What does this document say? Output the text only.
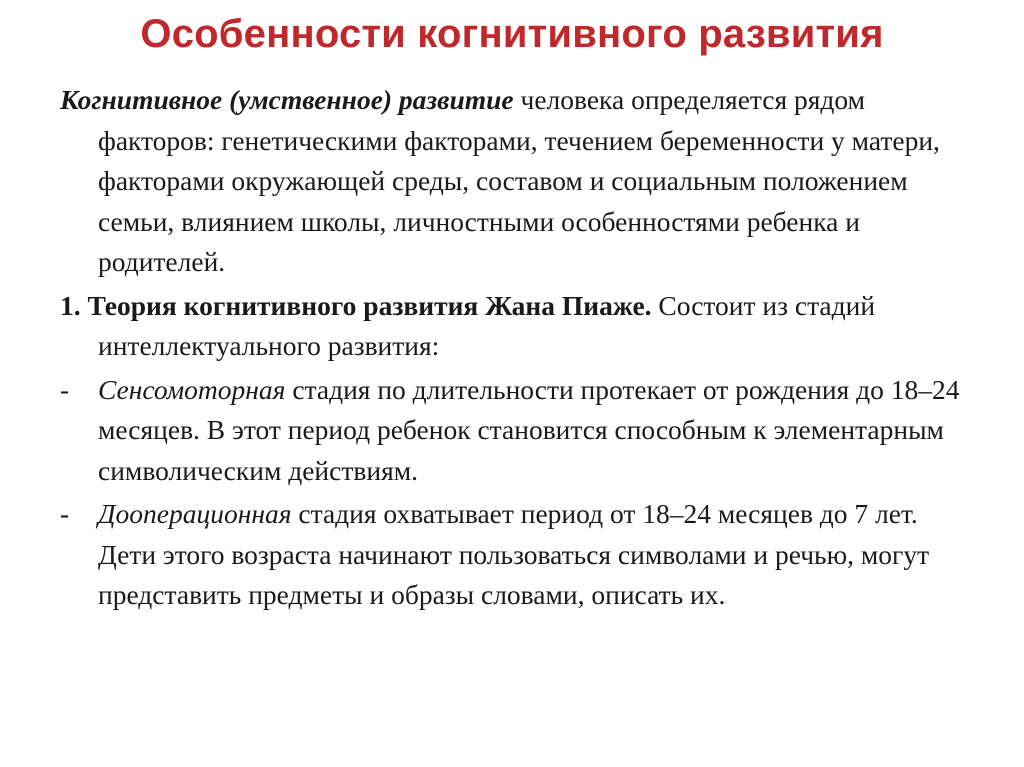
Особенности когнитивного развития

Когнитивное (умственное) развитие человека определяется рядом факторов: генетическими факторами, течением беременности у матери, факторами окружающей среды, составом и социальным положением семьи, влиянием школы, личностными особенностями ребенка и родителей.

1. Теория когнитивного развития Жана Пиаже. Состоит из стадий интеллектуального развития:

-	Сенсомоторная стадия по длительности протекает от рождения до 18–24 месяцев. В этот период ребенок становится способным к элементарным символическим действиям.

-	Дооперационная стадия охватывает период от 18–24 месяцев до 7 лет. Дети этого возраста начинают пользоваться символами и речью, могут представить предметы и образы словами, описать их.
